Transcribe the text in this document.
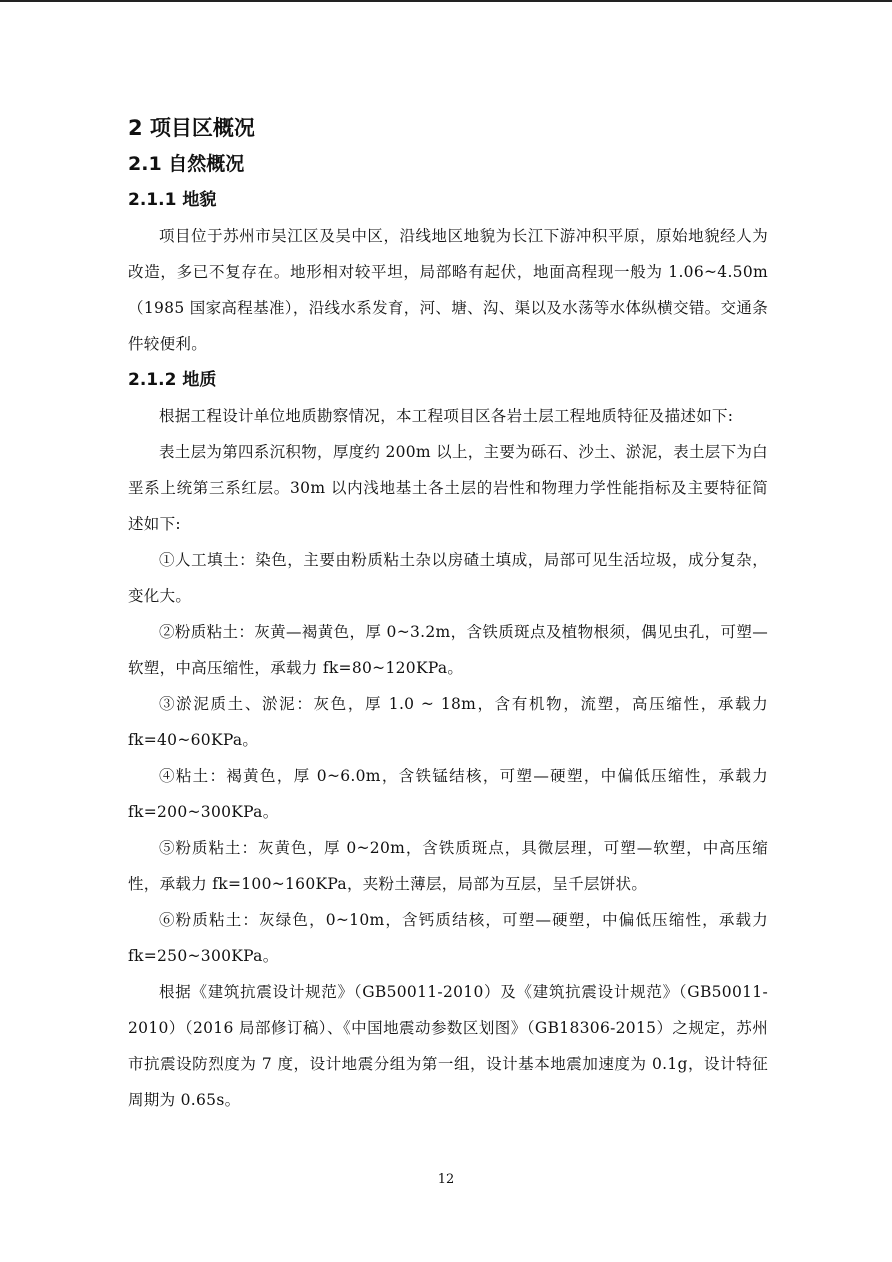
2 项目区概况
2.1 自然概况
2.1.1 地貌

项目位于苏州市吴江区及吴中区，沿线地区地貌为长江下游冲积平原，原始地貌经人为改造，多已不复存在。地形相对较平坦，局部略有起伏，地面高程现一般为 1.06~4.50m（1985 国家高程基准），沿线水系发育，河、塘、沟、渠以及水荡等水体纵横交错。交通条件较便利。

2.1.2 地质

根据工程设计单位地质勘察情况，本工程项目区各岩土层工程地质特征及描述如下:

表土层为第四系沉积物，厚度约 200m 以上，主要为砾石、沙土、淤泥，表土层下为白垩系上统第三系红层。30m 以内浅地基土各土层的岩性和物理力学性能指标及主要特征简述如下:

①人工填土：染色，主要由粉质粘土杂以房碴土填成，局部可见生活垃圾，成分复杂，变化大。

②粉质粘土：灰黄—褐黄色，厚 0~3.2m，含铁质斑点及植物根须，偶见虫孔，可塑—软塑，中高压缩性，承载力 fk=80~120KPa。

③淤泥质土、淤泥：灰色，厚 1.0 ~ 18m，含有机物，流塑，高压缩性，承载力 fk=40~60KPa。

④粘土：褐黄色，厚 0~6.0m，含铁锰结核，可塑—硬塑，中偏低压缩性，承载力 fk=200~300KPa。

⑤粉质粘土：灰黄色，厚 0~20m，含铁质斑点，具微层理，可塑—软塑，中高压缩性，承载力 fk=100~160KPa，夹粉土薄层，局部为互层，呈千层饼状。

⑥粉质粘土：灰绿色，0~10m，含钙质结核，可塑—硬塑，中偏低压缩性，承载力 fk=250~300KPa。

根据《建筑抗震设计规范》（GB50011-2010）及《建筑抗震设计规范》（GB50011-2010）（2016 局部修订稿）、《中国地震动参数区划图》（GB18306-2015）之规定，苏州市抗震设防烈度为 7 度，设计地震分组为第一组，设计基本地震加速度为 0.1g，设计特征周期为 0.65s。

12
